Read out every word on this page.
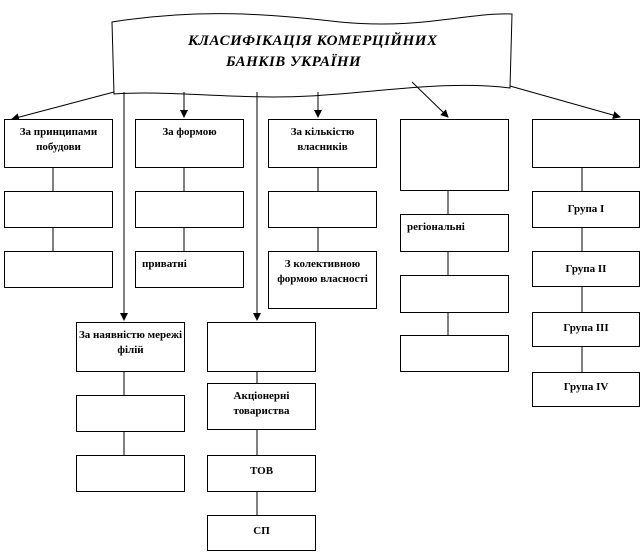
КЛАСИФІКАЦІЯ КОМЕРЦІЙНИХ
БАНКІВ УКРАЇНИ
За принципами побудови
За формою
приватні
За кількістю власників
З колективною формою власності
регіональні
Група I
Група II
Група III
Група IV
За наявністю мережі філій
Акціонерні товариства
ТОВ
СП
